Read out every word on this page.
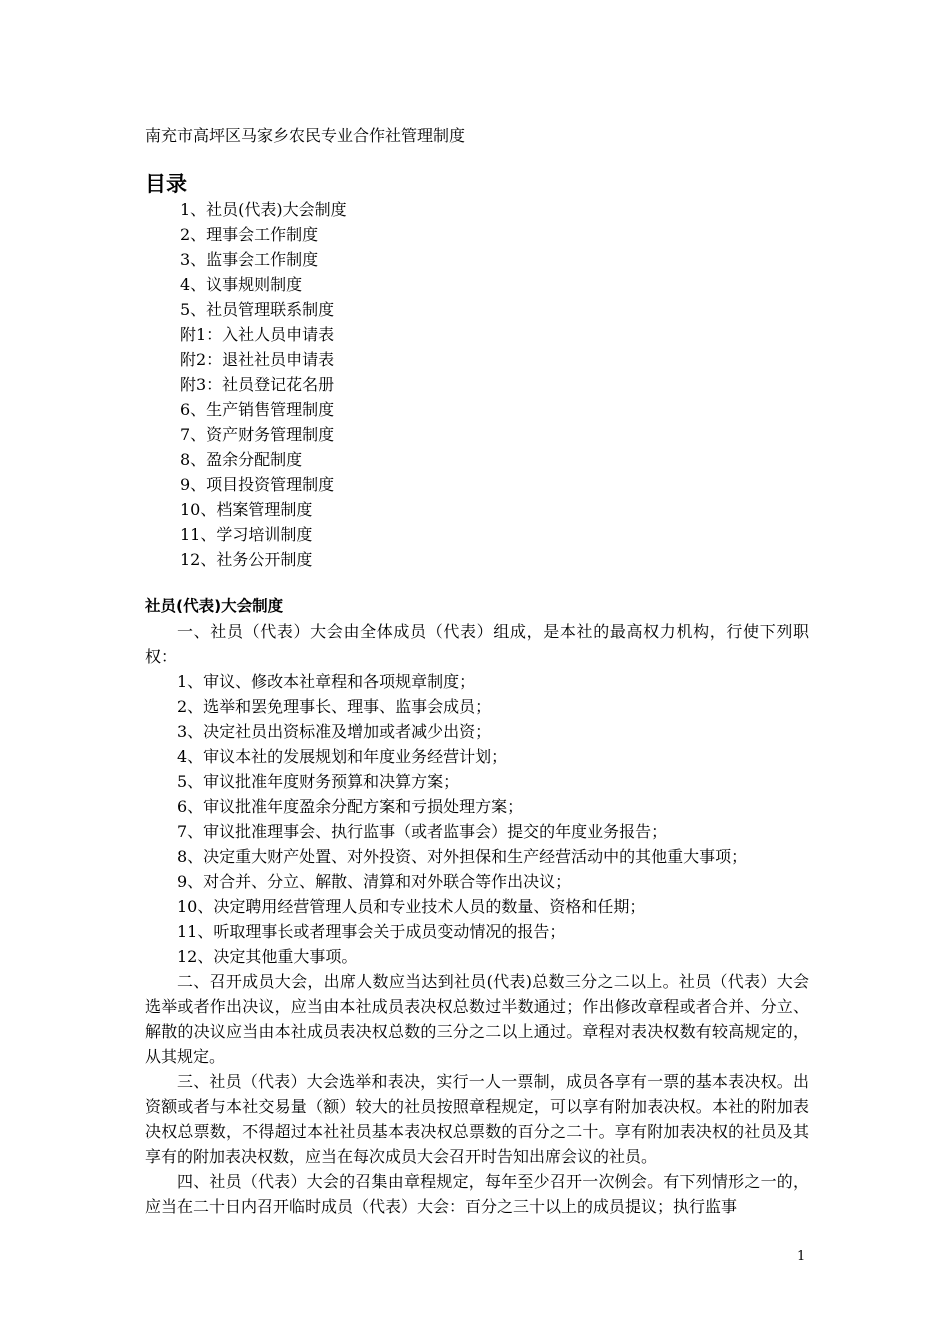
南充市高坪区马家乡农民专业合作社管理制度
目录
1、社员(代表)大会制度
2、理事会工作制度
3、监事会工作制度
4、议事规则制度
5、社员管理联系制度
附1：入社人员申请表
附2：退社社员申请表
附3：社员登记花名册
6、生产销售管理制度
7、资产财务管理制度
8、盈余分配制度
9、项目投资管理制度
10、档案管理制度
11、学习培训制度
12、社务公开制度
社员(代表)大会制度

一、社员（代表）大会由全体成员（代表）组成，是本社的最高权力机构，行使下列职权：

1、审议、修改本社章程和各项规章制度；
2、选举和罢免理事长、理事、监事会成员；
3、决定社员出资标准及增加或者减少出资；
4、审议本社的发展规划和年度业务经营计划；
5、审议批准年度财务预算和决算方案；
6、审议批准年度盈余分配方案和亏损处理方案；
7、审议批准理事会、执行监事（或者监事会）提交的年度业务报告；
8、决定重大财产处置、对外投资、对外担保和生产经营活动中的其他重大事项；
9、对合并、分立、解散、清算和对外联合等作出决议；
10、决定聘用经营管理人员和专业技术人员的数量、资格和任期；
11、听取理事长或者理事会关于成员变动情况的报告；
12、决定其他重大事项。

二、召开成员大会，出席人数应当达到社员(代表)总数三分之二以上。社员（代表）大会选举或者作出决议，应当由本社成员表决权总数过半数通过；作出修改章程或者合并、分立、解散的决议应当由本社成员表决权总数的三分之二以上通过。章程对表决权数有较高规定的，从其规定。

三、社员（代表）大会选举和表决，实行一人一票制，成员各享有一票的基本表决权。出资额或者与本社交易量（额）较大的社员按照章程规定，可以享有附加表决权。本社的附加表决权总票数，不得超过本社社员基本表决权总票数的百分之二十。享有附加表决权的社员及其享有的附加表决权数，应当在每次成员大会召开时告知出席会议的社员。

四、社员（代表）大会的召集由章程规定，每年至少召开一次例会。有下列情形之一的，应当在二十日内召开临时成员（代表）大会：百分之三十以上的成员提议；执行监事

1
